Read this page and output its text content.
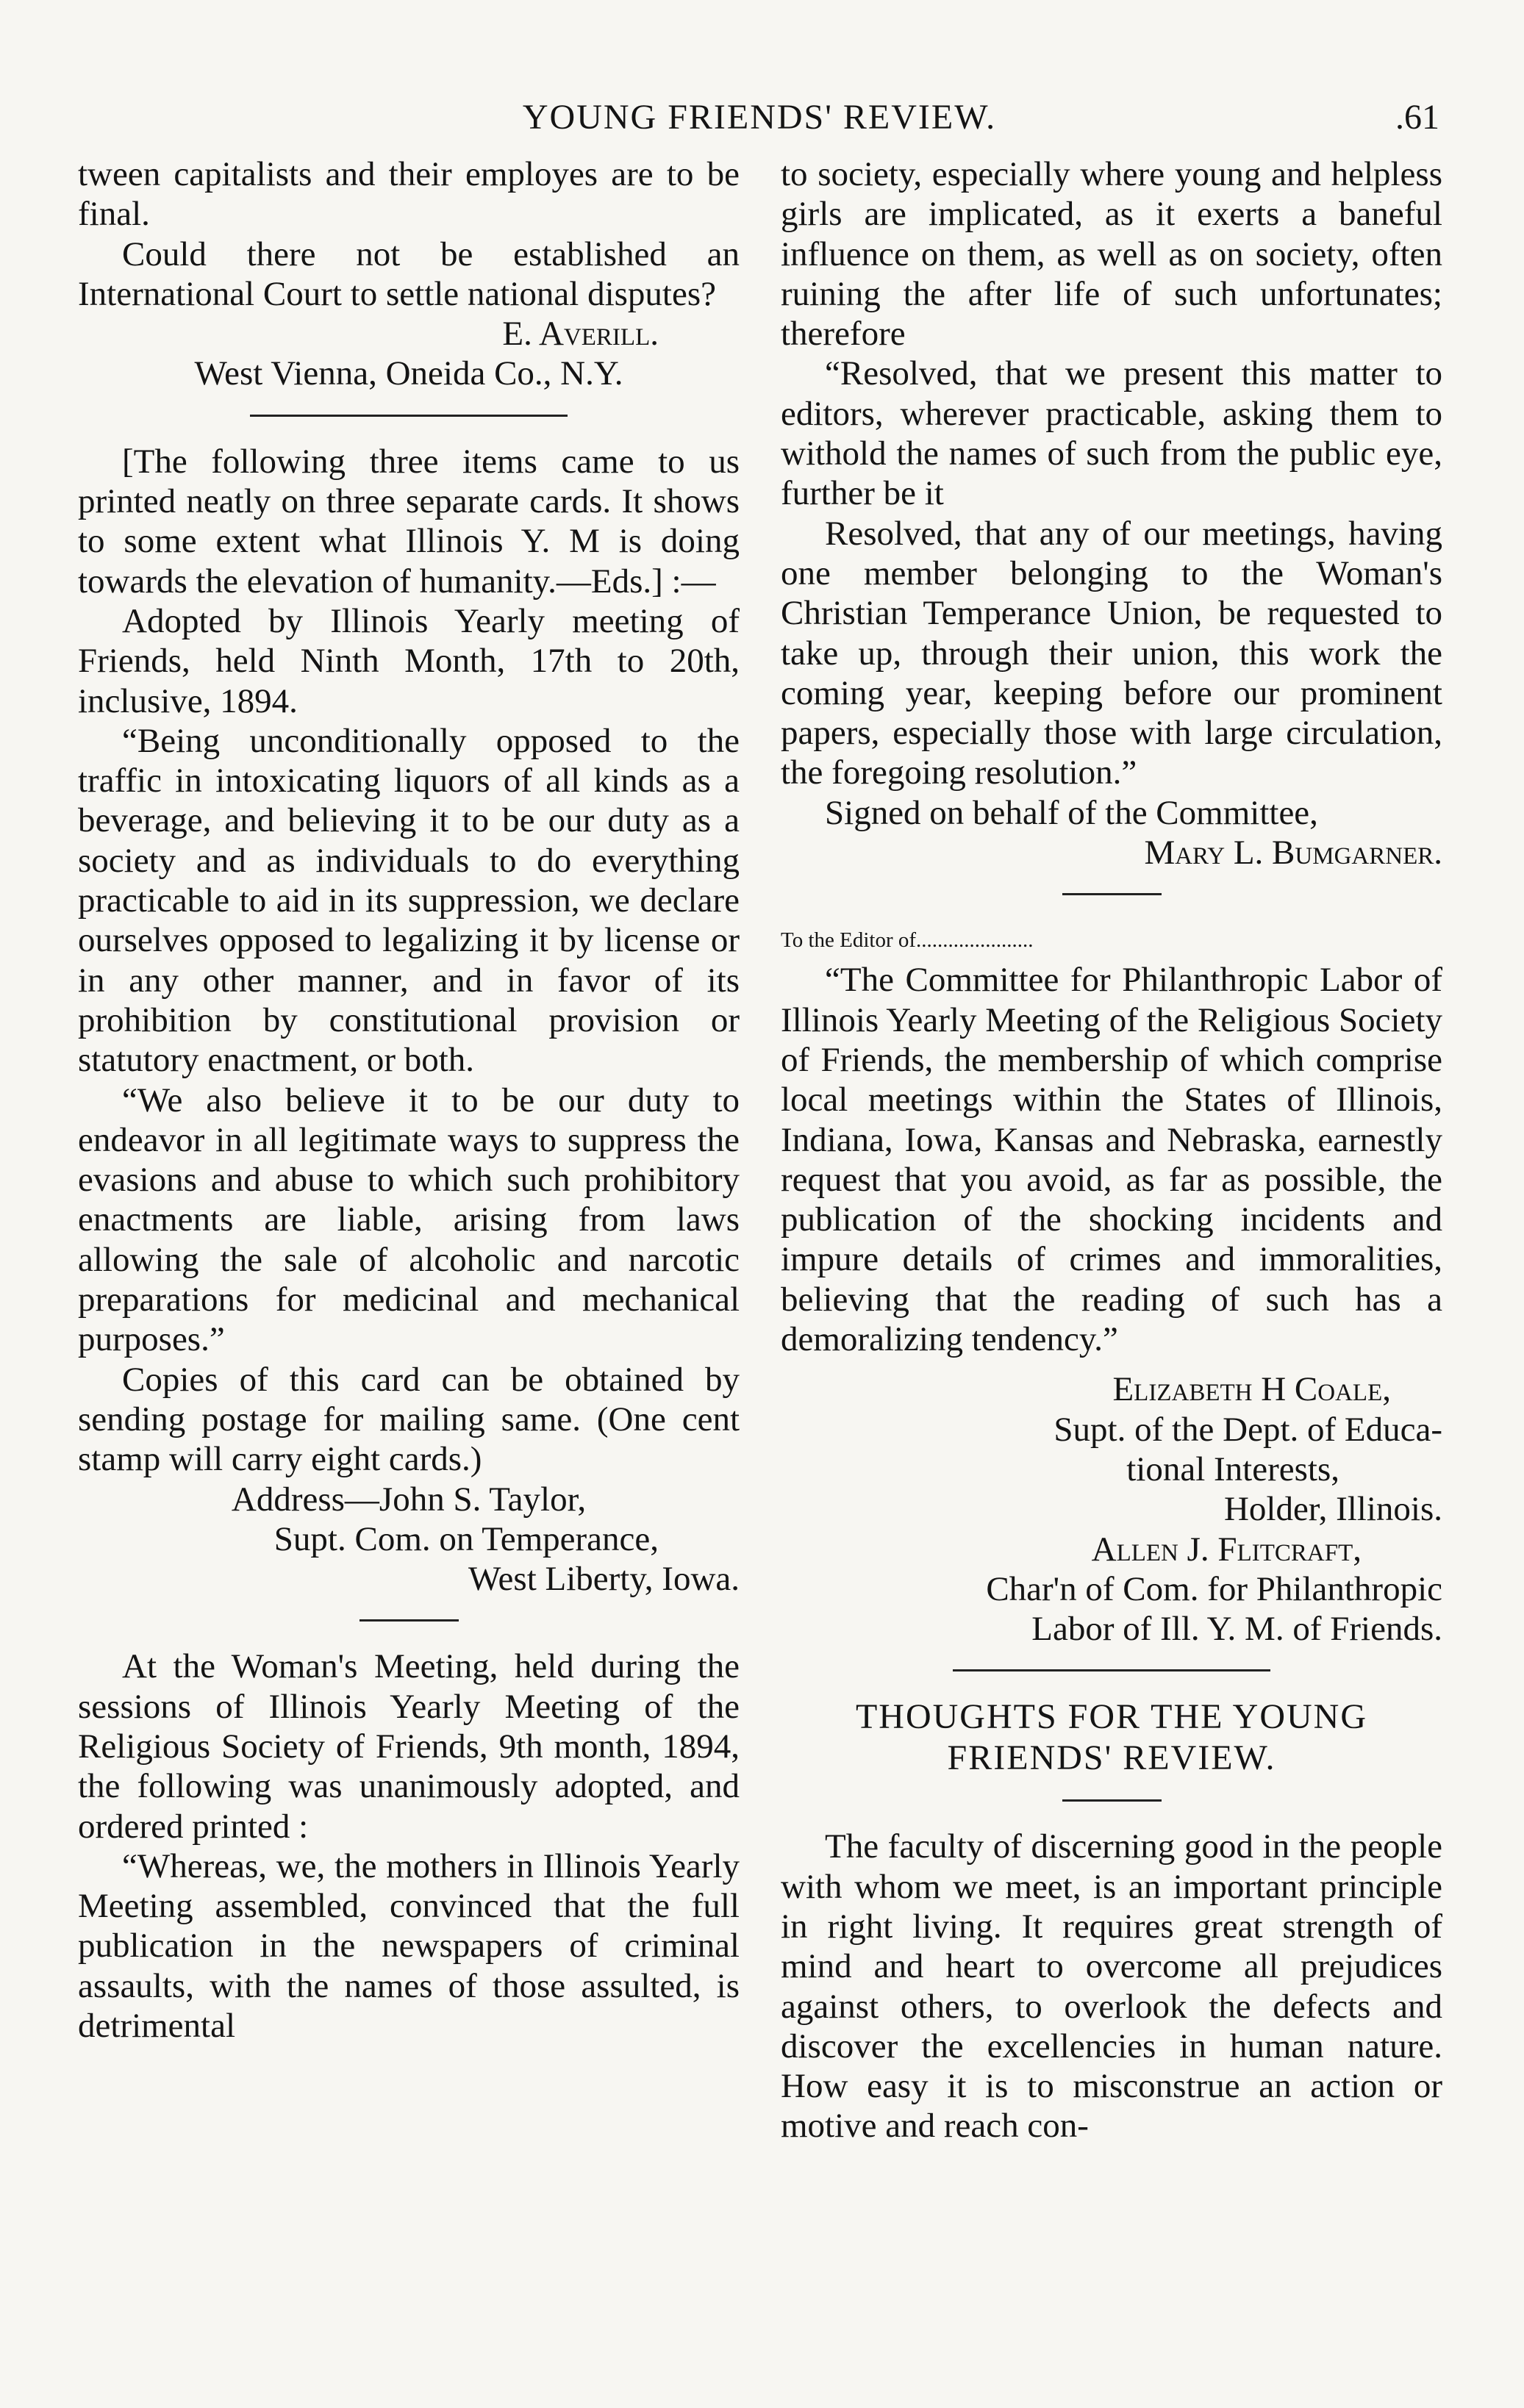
YOUNG FRIENDS' REVIEW.	.61

tween capitalists and their employes are to be final.

Could there not be established an International Court to settle national disputes?

E. Averill.

West Vienna, Oneida Co., N.Y.

[The following three items came to us printed neatly on three separate cards. It shows to some extent what Illinois Y. M is doing towards the elevation of humanity.—Eds.] :—

Adopted by Illinois Yearly meeting of Friends, held Ninth Month, 17th to 20th, inclusive, 1894.

“Being unconditionally opposed to the traffic in intoxicating liquors of all kinds as a beverage, and believing it to be our duty as a society and as individuals to do everything practicable to aid in its suppression, we declare ourselves opposed to legalizing it by license or in any other manner, and in favor of its prohibition by constitutional provision or statutory enactment, or both.

“We also believe it to be our duty to endeavor in all legitimate ways to suppress the evasions and abuse to which such prohibitory enactments are liable, arising from laws allowing the sale of alcoholic and narcotic preparations for medicinal and mechanical purposes.”

Copies of this card can be obtained by sending postage for mailing same. (One cent stamp will carry eight cards.)

Address—John S. Taylor,

Supt. Com. on Temperance,

West Liberty, Iowa.

At the Woman's Meeting, held during the sessions of Illinois Yearly Meeting of the Religious Society of Friends, 9th month, 1894, the following was unanimously adopted, and ordered printed :

“Whereas, we, the mothers in Illinois Yearly Meeting assembled, convinced that the full publication in the newspapers of criminal assaults, with the names of those assulted, is detrimental

to society, especially where young and helpless girls are implicated, as it exerts a baneful influence on them, as well as on society, often ruining the after life of such unfortunates; therefore

“Resolved, that we present this matter to editors, wherever practicable, asking them to withold the names of such from the public eye, further be it

Resolved, that any of our meetings, having one member belonging to the Woman's Christian Temperance Union, be requested to take up, through their union, this work the coming year, keeping before our prominent papers, especially those with large circulation, the foregoing resolution.”

Signed on behalf of the Committee,

Mary L. Bumgarner.

To the Editor of......................

“The Committee for Philanthropic Labor of Illinois Yearly Meeting of the Religious Society of Friends, the membership of which comprise local meetings within the States of Illinois, Indiana, Iowa, Kansas and Nebraska, earnestly request that you avoid, as far as possible, the publication of the shocking incidents and impure details of crimes and immoralities, believing that the reading of such has a demoralizing tendency.”

Elizabeth H Coale,

Supt. of the Dept. of Educa-

tional Interests,

Holder, Illinois.

Allen J. Flitcraft,

Char'n of Com. for Philanthropic

Labor of Ill. Y. M. of Friends.

THOUGHTS FOR THE YOUNG FRIENDS' REVIEW.

The faculty of discerning good in the people with whom we meet, is an important principle in right living. It requires great strength of mind and heart to overcome all prejudices against others, to overlook the defects and discover the excellencies in human nature. How easy it is to misconstrue an action or motive and reach con-
